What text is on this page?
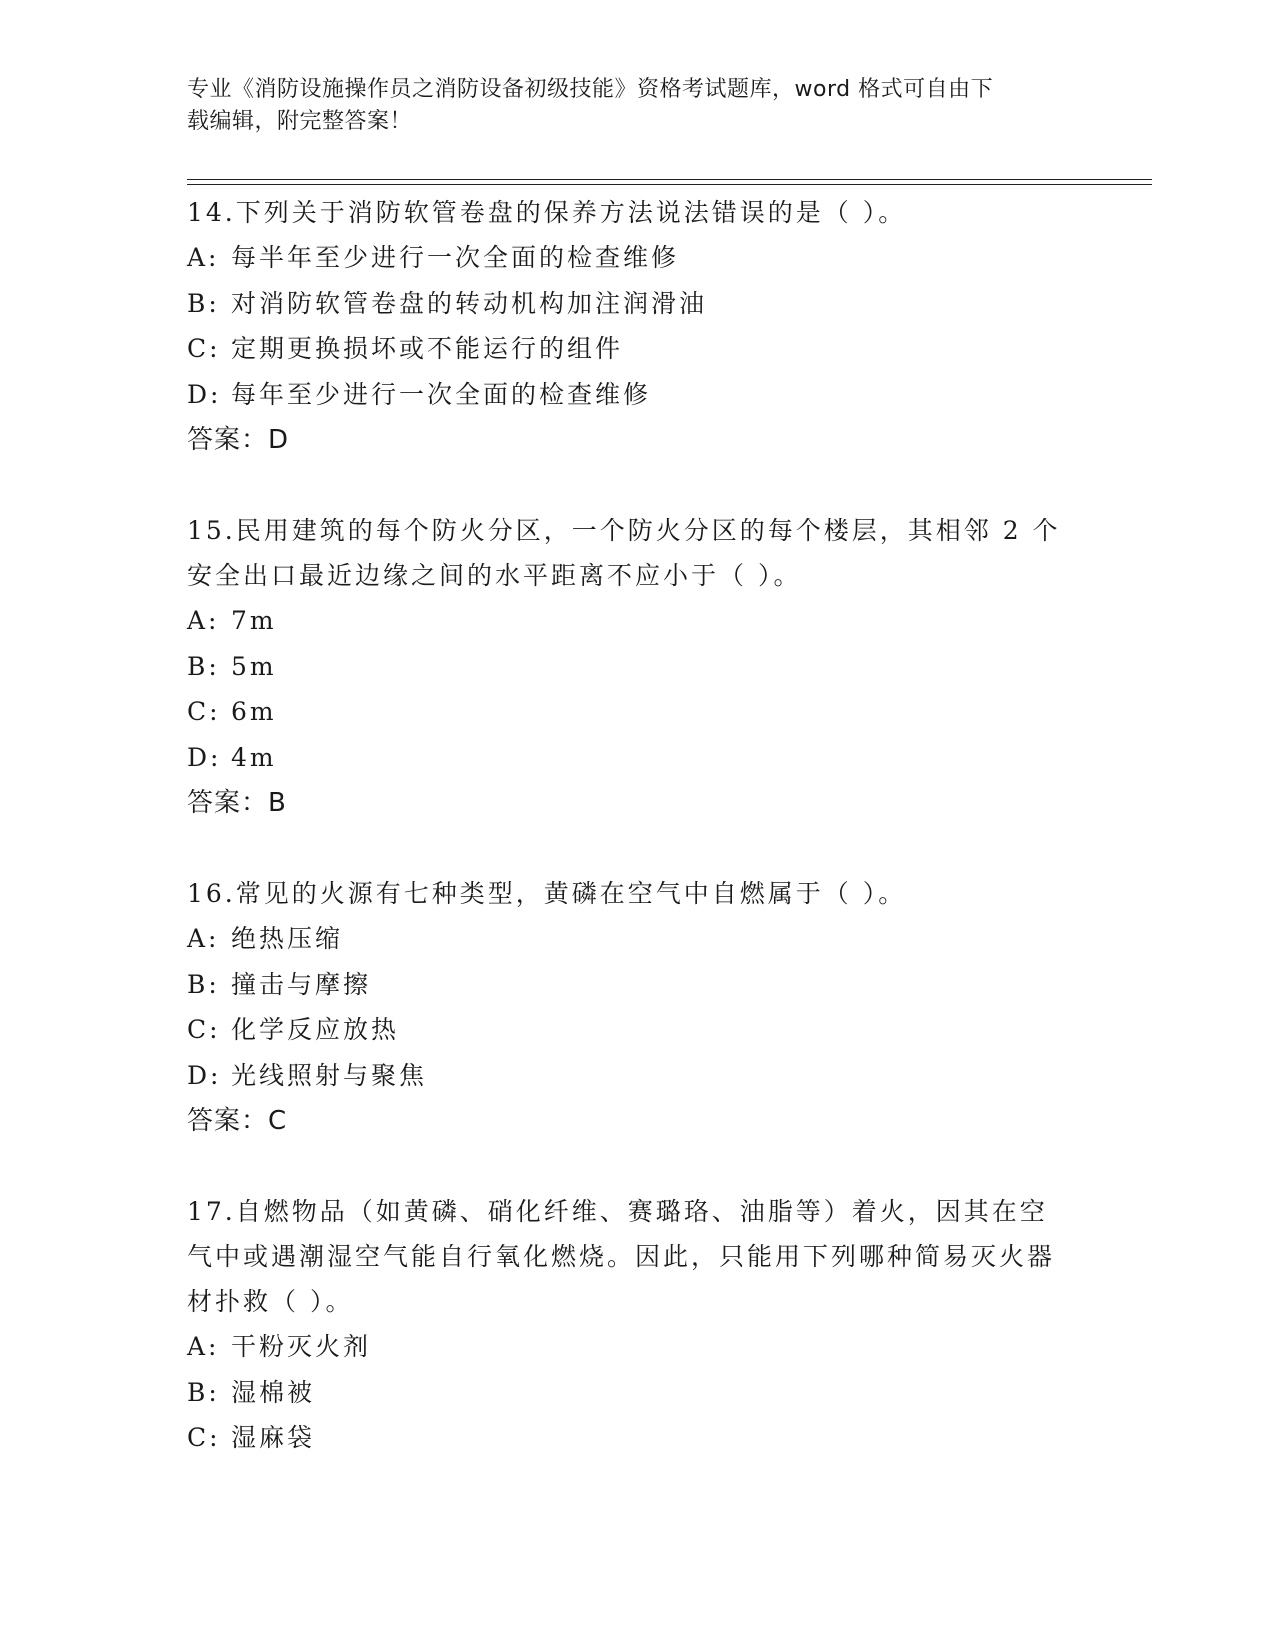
专业《消防设施操作员之消防设备初级技能》资格考试题库，word 格式可自由下
载编辑，附完整答案！
14.下列关于消防软管卷盘的保养方法说法错误的是（ ）。
A: 每半年至少进行一次全面的检查维修
B: 对消防软管卷盘的转动机构加注润滑油
C: 定期更换损坏或不能运行的组件
D: 每年至少进行一次全面的检查维修
答案：D
15.民用建筑的每个防火分区，一个防火分区的每个楼层，其相邻 2 个安全出口最近边缘之间的水平距离不应小于（ ）。
A: 7m
B: 5m
C: 6m
D: 4m
答案：B
16.常见的火源有七种类型，黄磷在空气中自燃属于（ ）。
A: 绝热压缩
B: 撞击与摩擦
C: 化学反应放热
D: 光线照射与聚焦
答案：C
17.自燃物品（如黄磷、硝化纤维、赛璐珞、油脂等）着火，因其在空气中或遇潮湿空气能自行氧化燃烧。因此，只能用下列哪种简易灭火器材扑救（ ）。
A: 干粉灭火剂
B: 湿棉被
C: 湿麻袋
